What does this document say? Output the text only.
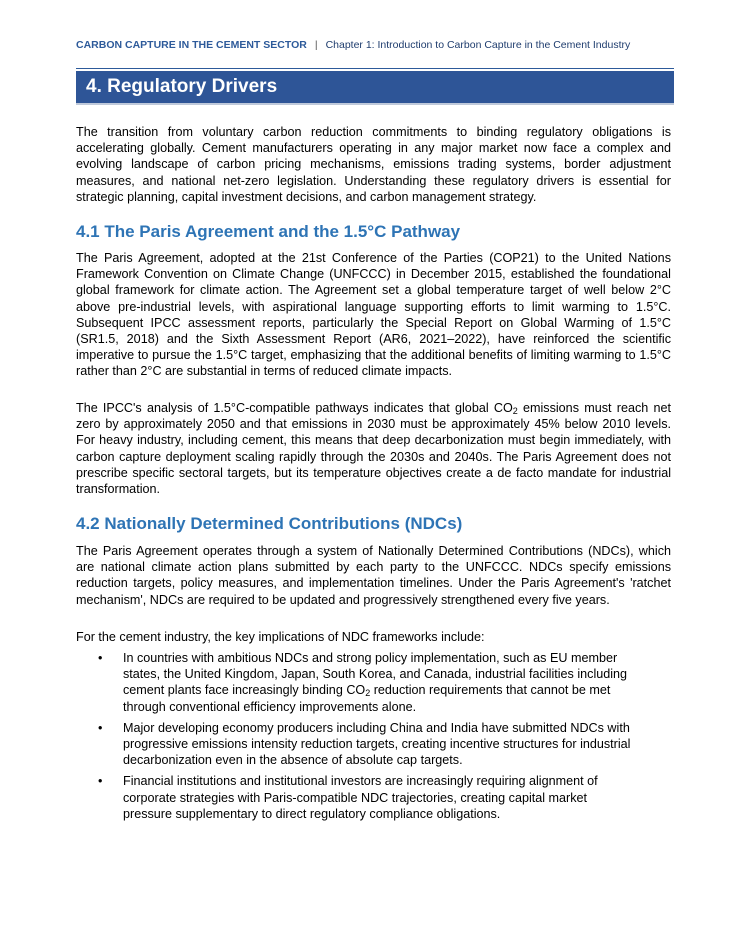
CARBON CAPTURE IN THE CEMENT SECTOR | Chapter 1: Introduction to Carbon Capture in the Cement Industry
4. Regulatory Drivers

The transition from voluntary carbon reduction commitments to binding regulatory obligations is accelerating globally. Cement manufacturers operating in any major market now face a complex and evolving landscape of carbon pricing mechanisms, emissions trading systems, border adjustment measures, and national net-zero legislation. Understanding these regulatory drivers is essential for strategic planning, capital investment decisions, and carbon management strategy.

4.1 The Paris Agreement and the 1.5°C Pathway

The Paris Agreement, adopted at the 21st Conference of the Parties (COP21) to the United Nations Framework Convention on Climate Change (UNFCCC) in December 2015, established the foundational global framework for climate action. The Agreement set a global temperature target of well below 2°C above pre-industrial levels, with aspirational language supporting efforts to limit warming to 1.5°C. Subsequent IPCC assessment reports, particularly the Special Report on Global Warming of 1.5°C (SR1.5, 2018) and the Sixth Assessment Report (AR6, 2021–2022), have reinforced the scientific imperative to pursue the 1.5°C target, emphasizing that the additional benefits of limiting warming to 1.5°C rather than 2°C are substantial in terms of reduced climate impacts.

The IPCC's analysis of 1.5°C-compatible pathways indicates that global $CO_2$ emissions must reach net zero by approximately 2050 and that emissions in 2030 must be approximately 45% below 2010 levels. For heavy industry, including cement, this means that deep decarbonization must begin immediately, with carbon capture deployment scaling rapidly through the 2030s and 2040s. The Paris Agreement does not prescribe specific sectoral targets, but its temperature objectives create a de facto mandate for industrial transformation.

4.2 Nationally Determined Contributions (NDCs)

The Paris Agreement operates through a system of Nationally Determined Contributions (NDCs), which are national climate action plans submitted by each party to the UNFCCC. NDCs specify emissions reduction targets, policy measures, and implementation timelines. Under the Paris Agreement's 'ratchet mechanism', NDCs are required to be updated and progressively strengthened every five years.

For the cement industry, the key implications of NDC frameworks include:

• In countries with ambitious NDCs and strong policy implementation, such as EU member states, the United Kingdom, Japan, South Korea, and Canada, industrial facilities including cement plants face increasingly binding $CO_2$ reduction requirements that cannot be met through conventional efficiency improvements alone.
• Major developing economy producers including China and India have submitted NDCs with progressive emissions intensity reduction targets, creating incentive structures for industrial decarbonization even in the absence of absolute cap targets.
• Financial institutions and institutional investors are increasingly requiring alignment of corporate strategies with Paris-compatible NDC trajectories, creating capital market pressure supplementary to direct regulatory compliance obligations.
